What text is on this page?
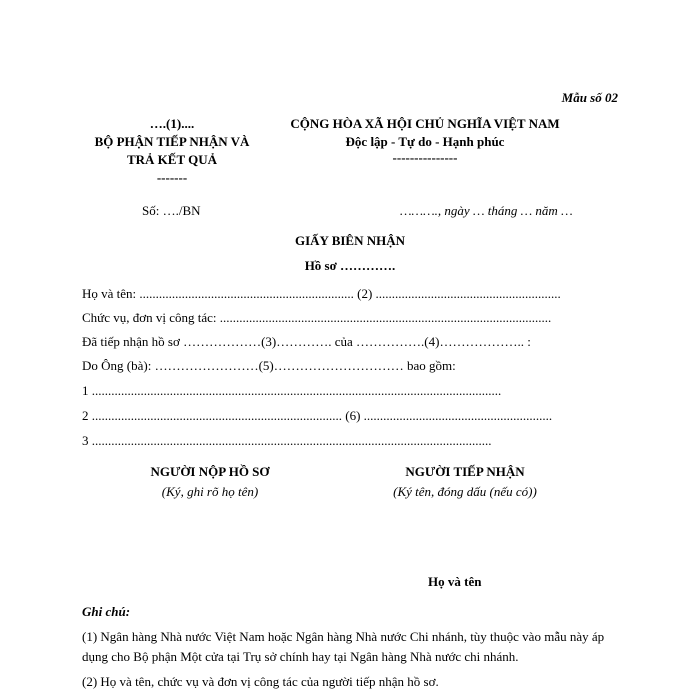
Mẫu số 02
….(1)....
BỘ PHẬN TIẾP NHẬN VÀ
TRẢ KẾT QUẢ
-------
CỘNG HÒA XÃ HỘI CHỦ NGHĨA VIỆT NAM
Độc lập - Tự do - Hạnh phúc
---------------
Số: …./BN	………., ngày … tháng … năm …
GIẤY BIÊN NHẬN
Hồ sơ ………….
Họ và tên: .................................................................. (2) .........................................................
Chức vụ, đơn vị công tác: ......................................................................................................
Đã tiếp nhận hồ sơ ………………(3)…………. của …………….(4)……………….. :
Do Ông (bà): ……………………(5)………………………… bao gồm:
1 ..............................................................................................................................
2 ............................................................................. (6) ..........................................................
3 ...........................................................................................................................
NGƯỜI NỘP HỒ SƠ
(Ký, ghi rõ họ tên)
NGƯỜI TIẾP NHẬN
(Ký tên, đóng dấu (nếu có))
Họ và tên
Ghi chú:
(1) Ngân hàng Nhà nước Việt Nam hoặc Ngân hàng Nhà nước Chi nhánh, tùy thuộc vào mẫu này áp dụng cho Bộ phận Một cửa tại Trụ sở chính hay tại Ngân hàng Nhà nước chi nhánh.
(2) Họ và tên, chức vụ và đơn vị công tác của người tiếp nhận hồ sơ.
